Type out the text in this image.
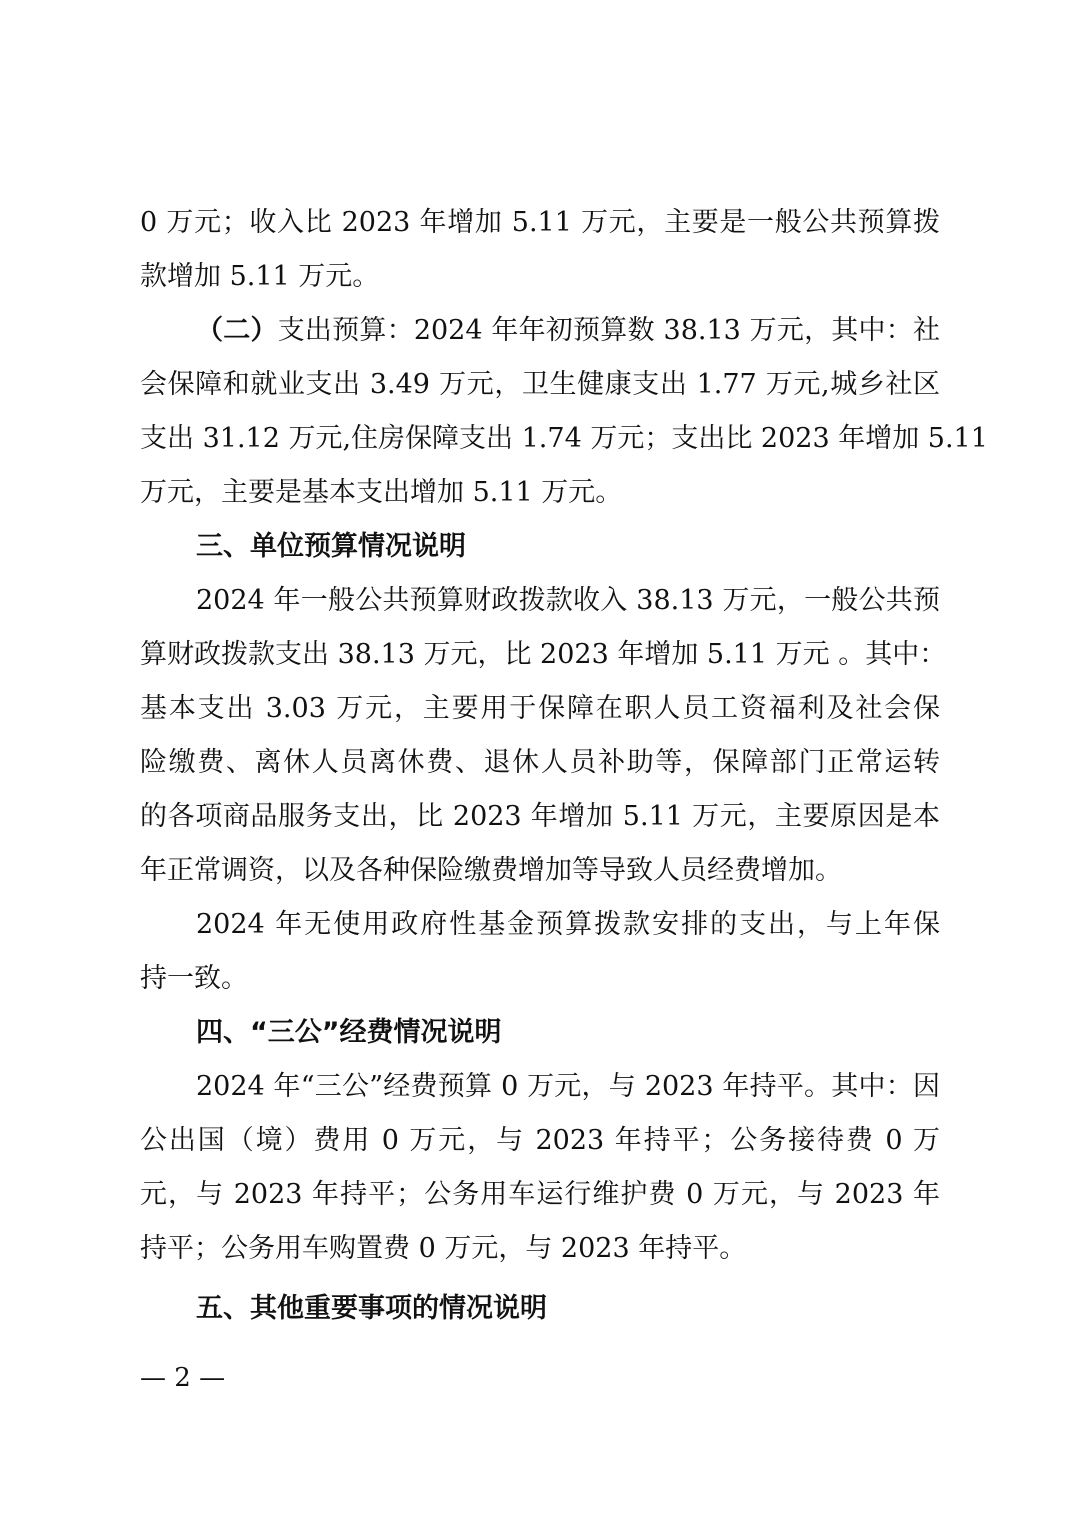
0 万元；收入比 2023 年增加 5.11 万元，主要是一般公共预算拨
款增加 5.11 万元。
（二）支出预算：2024 年年初预算数 38.13 万元，其中：社
会保障和就业支出 3.49 万元，卫生健康支出 1.77 万元,城乡社区
支出 31.12 万元,住房保障支出 1.74 万元；支出比 2023 年增加 5.11
万元，主要是基本支出增加 5.11 万元。
三、单位预算情况说明
2024 年一般公共预算财政拨款收入 38.13 万元，一般公共预
算财政拨款支出 38.13 万元，比 2023 年增加 5.11 万元 。其中：
基本支出 3.03 万元，主要用于保障在职人员工资福利及社会保
险缴费、离休人员离休费、退休人员补助等，保障部门正常运转
的各项商品服务支出，比 2023 年增加 5.11 万元，主要原因是本
年正常调资，以及各种保险缴费增加等导致人员经费增加。
2024 年无使用政府性基金预算拨款安排的支出，与上年保
持一致。
四、“三公”经费情况说明
2024 年“三公”经费预算 0 万元，与 2023 年持平。其中：因
公出国（境）费用 0 万元，与 2023 年持平；公务接待费 0 万
元，与 2023 年持平；公务用车运行维护费 0 万元，与 2023 年
持平；公务用车购置费 0 万元，与 2023 年持平。
五、其他重要事项的情况说明
— 2 —
